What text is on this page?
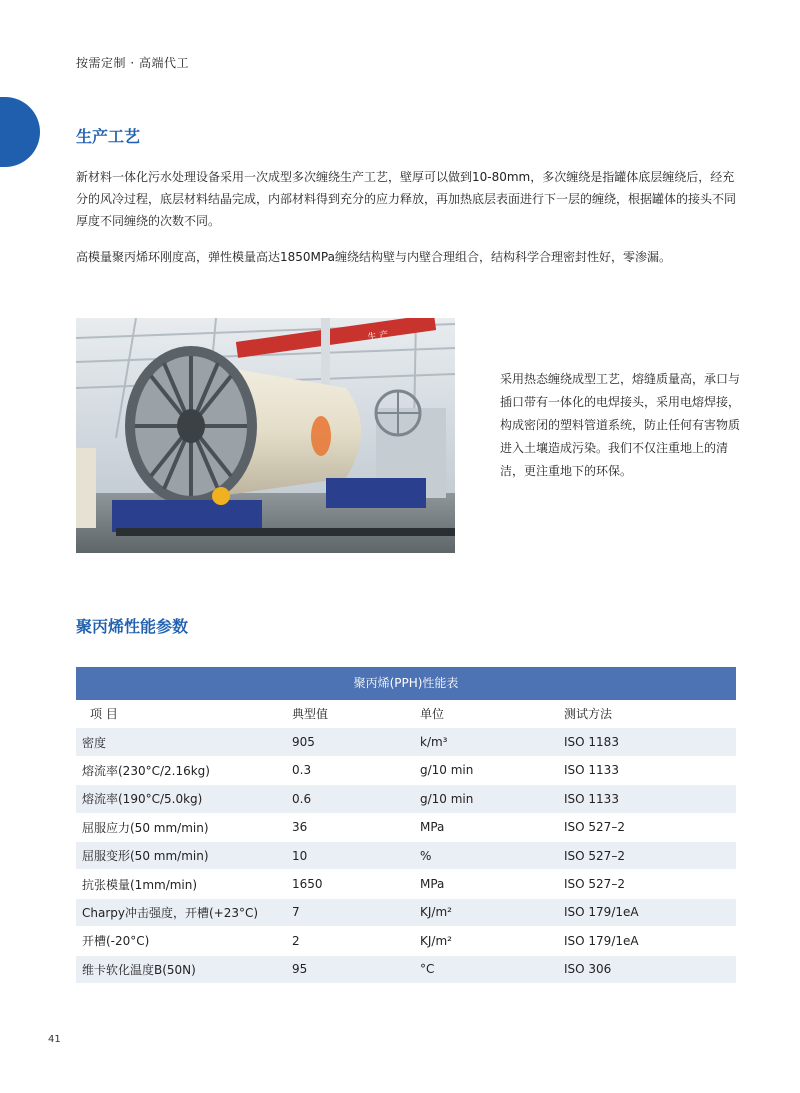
按需定制 · 高端代工
生产工艺
新材料一体化污水处理设备采用一次成型多次缠绕生产工艺，壁厚可以做到10-80mm，多次缠绕是指罐体底层缠绕后，经充分的风冷过程，底层材料结晶完成，内部材料得到充分的应力释放，再加热底层表面进行下一层的缠绕，根据罐体的接头不同厚度不同缠绕的次数不同。
高模量聚丙烯环刚度高，弹性模量高达1850MPa缠绕结构壁与内壁合理组合，结构科学合理密封性好，零渗漏。
生 产
采用热态缠绕成型工艺，熔缝质量高，承口与插口带有一体化的电焊接头，采用电熔焊接，构成密闭的塑料管道系统，防止任何有害物质进入土壤造成污染。我们不仅注重地上的清洁，更注重地下的环保。
聚丙烯性能参数
聚丙烯(PPH)性能表
项 目	典型值	单位	测试方法
密度	905	k/m³	ISO 1183
熔流率(230°C/2.16kg)	0.3	g/10 min	ISO 1133
熔流率(190°C/5.0kg)	0.6	g/10 min	ISO 1133
屈服应力(50 mm/min)	36	MPa	ISO 527–2
屈服变形(50 mm/min)	10	%	ISO 527–2
抗张模量(1mm/min)	1650	MPa	ISO 527–2
Charpy冲击强度，开槽(+23°C)	7	KJ/m²	ISO 179/1eA
开槽(-20°C)	2	KJ/m²	ISO 179/1eA
维卡软化温度B(50N)	95	°C	ISO 306
41
